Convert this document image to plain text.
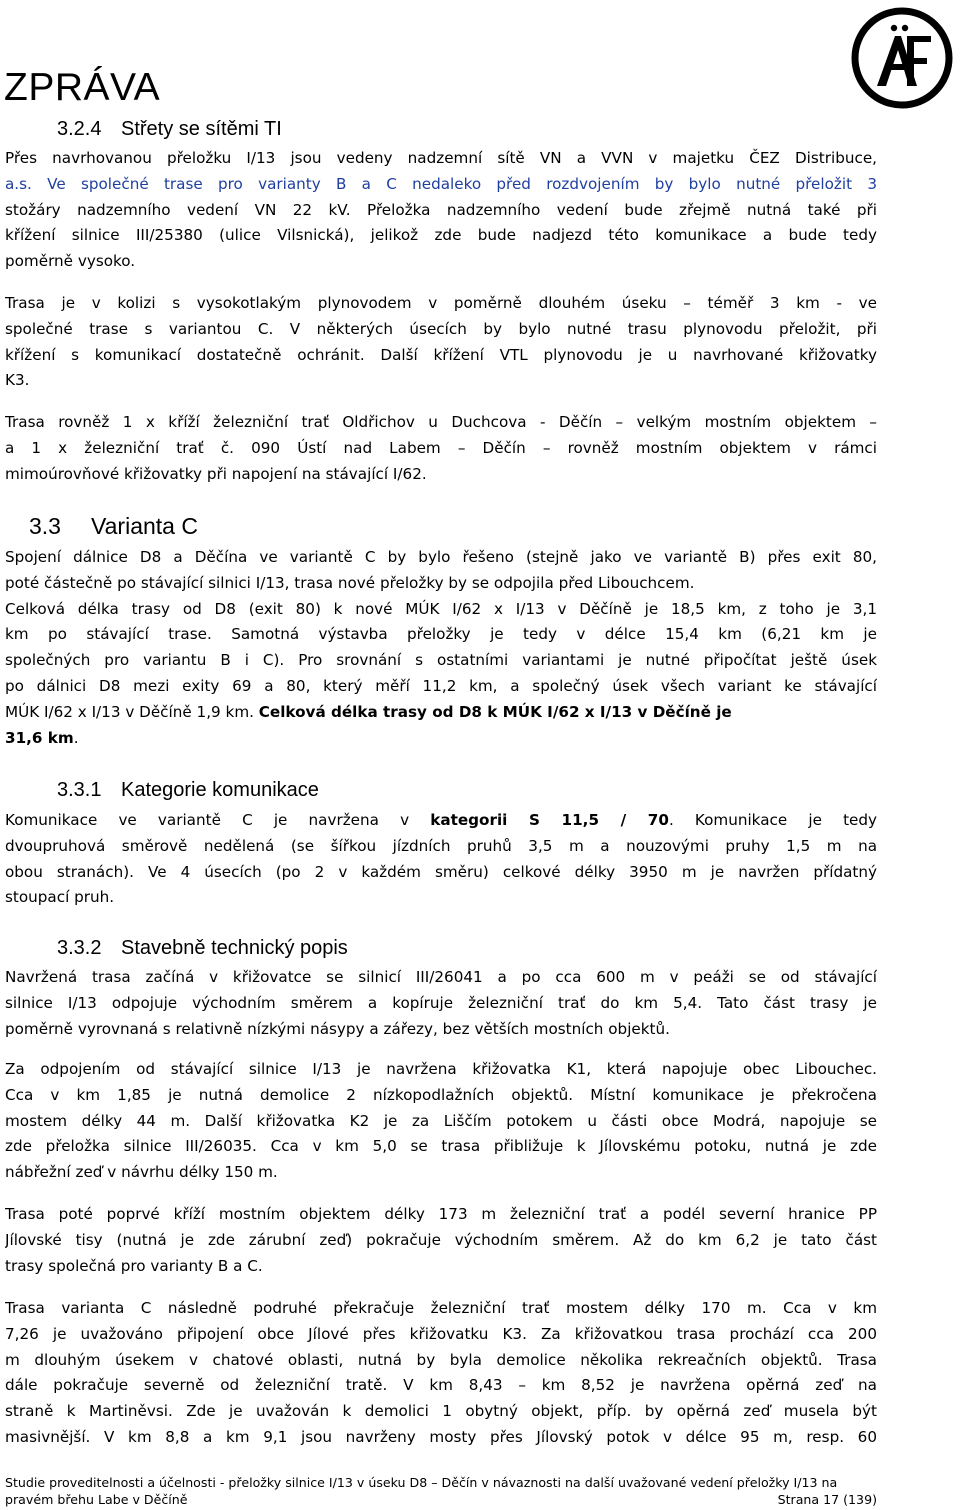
ZPRÁVA
3.2.4 Střety se sítěmi TI

Přes navrhovanou přeložku I/13 jsou vedeny nadzemní sítě VN a VVN v majetku ČEZ Distribuce,
a.s. Ve společné trase pro varianty B a C nedaleko před rozdvojením by bylo nutné přeložit 3
stožáry nadzemního vedení VN 22 kV. Přeložka nadzemního vedení bude zřejmě nutná také při
křížení silnice III/25380 (ulice Vilsnická), jelikož zde bude nadjezd této komunikace a bude tedy
poměrně vysoko.

Trasa je v kolizi s vysokotlakým plynovodem v poměrně dlouhém úseku – téměř 3 km - ve
společné trase s variantou C. V některých úsecích by bylo nutné trasu plynovodu přeložit, při
křížení s komunikací dostatečně ochránit. Další křížení VTL plynovodu je u navrhované křižovatky
K3.

Trasa rovněž 1 x kříží železniční trať Oldřichov u Duchcova - Děčín – velkým mostním objektem –
a 1 x železniční trať č. 090 Ústí nad Labem – Děčín – rovněž mostním objektem v rámci
mimoúrovňové křižovatky při napojení na stávající I/62.

3.3 Varianta C

Spojení dálnice D8 a Děčína ve variantě C by bylo řešeno (stejně jako ve variantě B) přes exit 80,
poté částečně po stávající silnici I/13, trasa nové přeložky by se odpojila před Libouchcem.
Celková délka trasy od D8 (exit 80) k nové MÚK I/62 x I/13 v Děčíně je 18,5 km, z toho je 3,1
km po stávající trase. Samotná výstavba přeložky je tedy v délce 15,4 km (6,21 km je
společných pro variantu B i C). Pro srovnání s ostatními variantami je nutné připočítat ještě úsek
po dálnici D8 mezi exity 69 a 80, který měří 11,2 km, a společný úsek všech variant ke stávající
MÚK I/62 x I/13 v Děčíně 1,9 km. Celková délka trasy od D8 k MÚK I/62 x I/13 v Děčíně je
31,6 km.

3.3.1 Kategorie komunikace

Komunikace ve variantě C je navržena v kategorii S 11,5 / 70. Komunikace je tedy
dvoupruhová směrově nedělená (se šířkou jízdních pruhů 3,5 m a nouzovými pruhy 1,5 m na
obou stranách). Ve 4 úsecích (po 2 v každém směru) celkové délky 3950 m je navržen přídatný
stoupací pruh.

3.3.2 Stavebně technický popis

Navržená trasa začíná v křižovatce se silnicí III/26041 a po cca 600 m v peáži se od stávající
silnice I/13 odpojuje východním směrem a kopíruje železniční trať do km 5,4. Tato část trasy je
poměrně vyrovnaná s relativně nízkými násypy a zářezy, bez větších mostních objektů.

Za odpojením od stávající silnice I/13 je navržena křižovatka K1, která napojuje obec Libouchec.
Cca v km 1,85 je nutná demolice 2 nízkopodlažních objektů. Místní komunikace je překročena
mostem délky 44 m. Další křižovatka K2 je za Liščím potokem u části obce Modrá, napojuje se
zde přeložka silnice III/26035. Cca v km 5,0 se trasa přibližuje k Jílovskému potoku, nutná je zde
nábřežní zeď v návrhu délky 150 m.

Trasa poté poprvé kříží mostním objektem délky 173 m železniční trať a podél severní hranice PP
Jílovské tisy (nutná je zde zárubní zeď) pokračuje východním směrem. Až do km 6,2 je tato část
trasy společná pro varianty B a C.

Trasa varianta C následně podruhé překračuje železniční trať mostem délky 170 m. Cca v km
7,26 je uvažováno připojení obce Jílové přes křižovatku K3. Za křižovatkou trasa prochází cca 200
m dlouhým úsekem v chatové oblasti, nutná by byla demolice několika rekreačních objektů. Trasa
dále pokračuje severně od železniční tratě. V km 8,43 – km 8,52 je navržena opěrná zeď na
straně k Martiněvsi. Zde je uvažován k demolici 1 obytný objekt, příp. by opěrná zeď musela být
masivnější. V km 8,8 a km 9,1 jsou navrženy mosty přes Jílovský potok v délce 95 m, resp. 60

Studie proveditelnosti a účelnosti - přeložky silnice I/13 v úseku D8 – Děčín v návaznosti na další uvažované vedení přeložky I/13 na
pravém břehu Labe v Děčíně	Strana 17 (139)
